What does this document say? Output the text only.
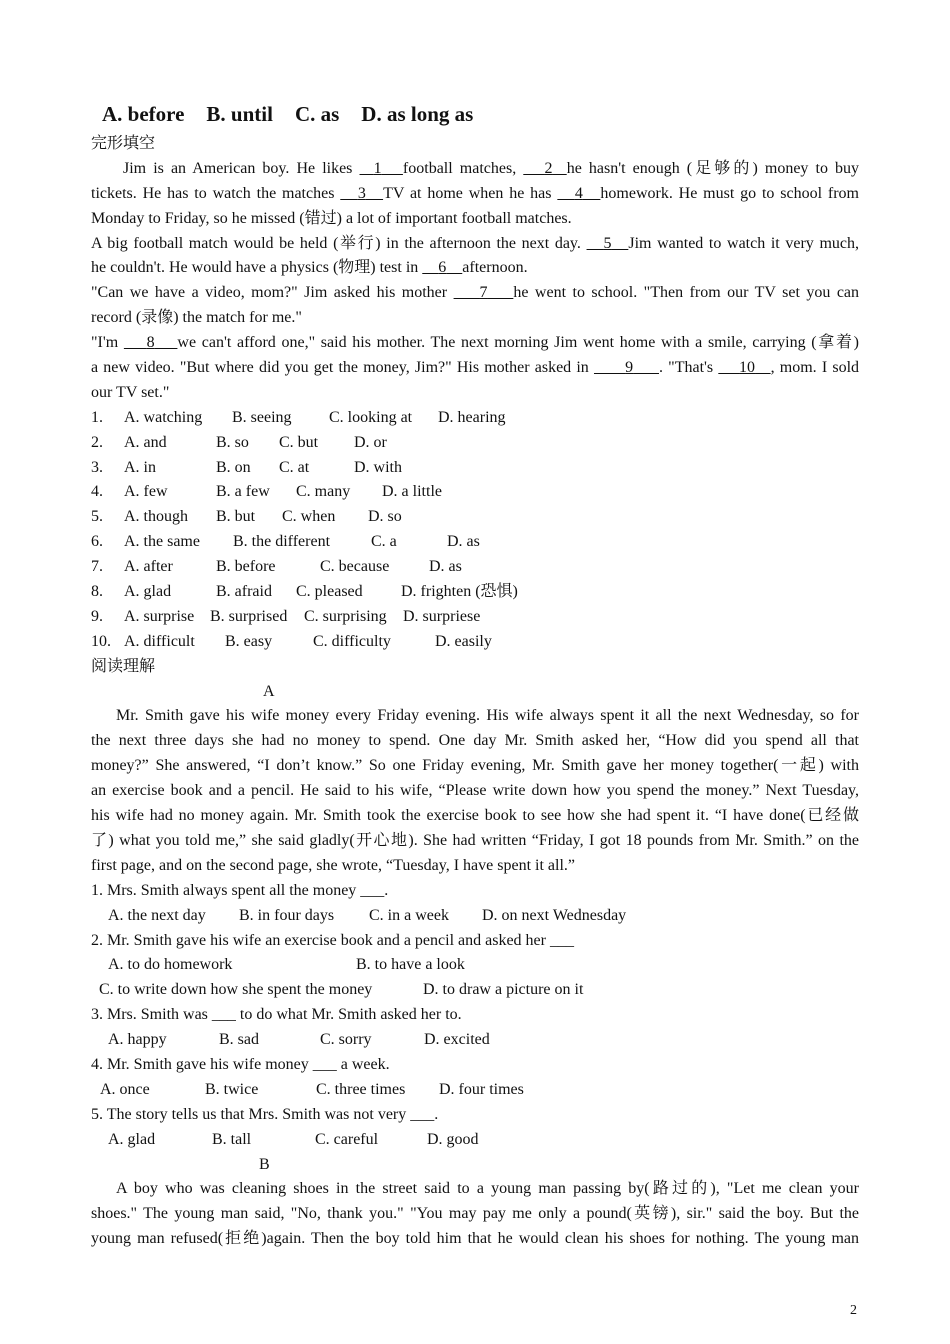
A. before B. until C. as D. as long as
完形填空
Jim is an American boy. He likes   1 football matches,    2 he hasn't enough (足够的) money to buy
tickets. He has to watch the matches    3 TV at home when he has    4 homework. He must go to school from
Monday to Friday, so he missed (错过) a lot of important football matches.
A big football match would be held (举行) in the afternoon the next day.    5 Jim wanted to watch it very much,
he couldn't. He would have a physics (物理) test in     6 afternoon.
"Can we have a video, mom?" Jim asked his mother     7 he went to school. "Then from our TV set you can
record (录像) the match for me."
"I'm     8 we can't afford one," said his mother. The next morning Jim went home with a smile, carrying (拿着)
a new video. "But where did you get the money, Jim?" His mother asked in       9 . "That's     10 , mom. I sold
our TV set."
1. A. watching B. seeing C. looking at D. hearing
2. A. and	B. so C. but D. or
3. A. in	B. on C. at	D. with
4. A. few	B. a few C. many D. a little
5. A. though B. but C. when D. so
6. A. the same B. the different	C. a	D. as
7. A. after	B. before	C. because D. as
8. A. glad	B. afraid C. pleased D. frighten (恐惧)
9. A. surprise B. surprised C. surprising D. surpriese
10. A. difficult B. easy	C. difficulty	D. easily
阅读理解
A
Mr. Smith gave his wife money every Friday evening. His wife always spent it all the next Wednesday, so for
the next three days she had no money to spend. One day Mr. Smith asked her, “How did you spend all that
money?” She answered, “I don’t know.” So one Friday evening, Mr. Smith gave her money together(一起) with
an exercise book and a pencil. He said to his wife, “Please write down how you spend the money.” Next Tuesday,
his wife had no money again. Mr. Smith took the exercise book to see how she had spent it. “I have done(已经做
了) what you told me,” she said gladly(开心地). She had written “Friday, I got 18 pounds from Mr. Smith.” on the
first page, and on the second page, she wrote, “Tuesday, I have spent it all.”
1. Mrs. Smith always spent all the money ___.
A. the next day B. in four days C. in a week D. on next Wednesday
2. Mr. Smith gave his wife an exercise book and a pencil and asked her ___
A. to do homework	B. to have a look
C. to write down how she spent the money	D. to draw a picture on it
3. Mrs. Smith was ___ to do what Mr. Smith asked her to.
A. happy	B. sad	C. sorry	D. excited
4. Mr. Smith gave his wife money ___ a week.
A. once	B. twice	C. three times D. four times
5. The story tells us that Mrs. Smith was not very ___.
A. glad	B. tall	C. careful	D. good
B
A boy who was cleaning shoes in the street said to a young man passing by(路过的), "Let me clean your
shoes." The young man said, "No, thank you." "You may pay me only a pound(英镑), sir." said the boy. But the
young man refused(拒绝)again. Then the boy told him that he would clean his shoes for nothing. The young man
2
